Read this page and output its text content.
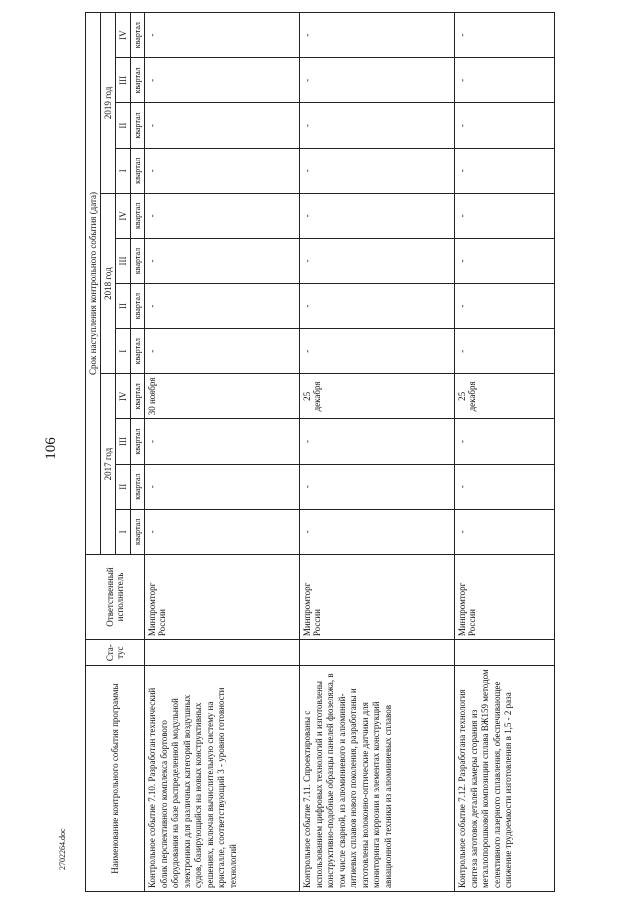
106
Наименование контрольного события программы	Ста-тус	Ответственный исполнитель	Срок наступления контрольного события (дата)											
			2017 год				2018 год				2019 год			
			I	II	III	IV	I	II	III	IV	I	II	III	IV
			квартал	квартал	квартал	квартал	квартал	квартал	квартал	квартал	квартал	квартал	квартал	квартал
Контрольное событие 7.10. Разработан технический облик перспективного комплекса бортового оборудования на базе распределенной модульной электроники для различных категорий воздушных судов, базирующийся на новых конструктивных решениях, включая вычислительную систему на кристалле, соответствующий 3 - уровню готовности технологий		Минпромторг России	-	-	-	30 ноября	-	-	-	-	-	-	-	-
Контрольное событие 7.11. Спроектированы с использованием цифровых технологий и изготовлены конструктивно-подобные образцы панелей фюзеляжа, в том числе сварной, из алюминиевого и алюминий-литиевых сплавов нового поколения, разработаны и изготовлены волоконно-оптические датчики для мониторинга коррозии в элементах конструкций авиационной техники из алюминиевых сплавов		Минпромторг России	-	-	-	25 декабря	-	-	-	-	-	-	-	-
Контрольное событие 7.12. Разработана технология синтеза заготовок деталей камеры сгорания из металлопорошковой композиции сплава ВЖ159 методом селективного лазерного сплавления, обеспечивающее снижение трудоемкости изготовления в 1,5 - 2 раза		Минпромторг России	-	-	-	25 декабря	-	-	-	-	-	-	-	-
2702264.doc
